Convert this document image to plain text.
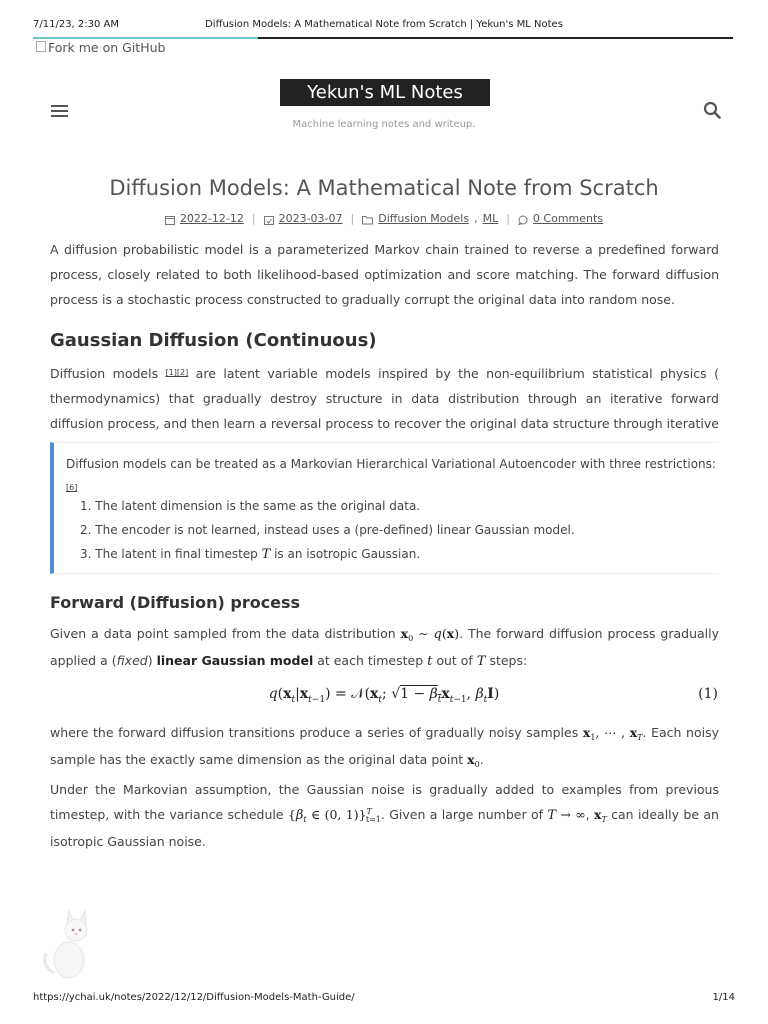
7/11/23, 2:30 AM	Diffusion Models: A Mathematical Note from Scratch | Yekun's ML Notes
Fork me on GitHub
Yekun's ML Notes
Machine learning notes and writeup.
Diffusion Models: A Mathematical Note from Scratch
2022-12-12 | 2023-03-07 | Diffusion Models , ML | 0 Comments

A diffusion probabilistic model is a parameterized Markov chain trained to reverse a predefined forward process, closely related to both likelihood-based optimization and score matching. The forward diffusion process is a stochastic process constructed to gradually corrupt the original data into random nose.

Gaussian Diffusion (Continuous)

Diffusion models [1][2] are latent variable models inspired by the non-equilibrium statistical physics ( thermodynamics) that gradually destroy structure in data distribution through an iterative forward diffusion process, and then learn a reversal process to recover the original data structure through iterative

Diffusion models can be treated as a Markovian Hierarchical Variational Autoencoder with three restrictions:[6]
1. The latent dimension is the same as the original data.
2. The encoder is not learned, instead uses a (pre-defined) linear Gaussian model.
3. The latent in final timestep T is an isotropic Gaussian.
Forward (Diffusion) process

Given a data point sampled from the data distribution $x_0$ ∼ q(x). The forward diffusion process gradually applied a (fixed) linear Gaussian model at each timestep t out of T steps:

$q(x_t|x_{t-1})$ = $𝒩(x_t$; $√1 - \beta_tx_{t-1}$, $\beta_tI$)	(1)

where the forward diffusion transitions produce a series of gradually noisy samples $x_1$, ⋯ , $x_T$. Each noisy sample has the exactly same dimension as the original data point $x_0$.

Under the Markovian assumption, the Gaussian noise is gradually added to examples from previous timestep, with the variance schedule {$\beta_t$ ∈ (0, 1)}$^T_{t=1}$. Given a large number of T → ∞, $x_T$ can ideally be an isotropic Gaussian noise.

https://ychai.uk/notes/2022/12/12/Diffusion-Models-Math-Guide/	1/14
